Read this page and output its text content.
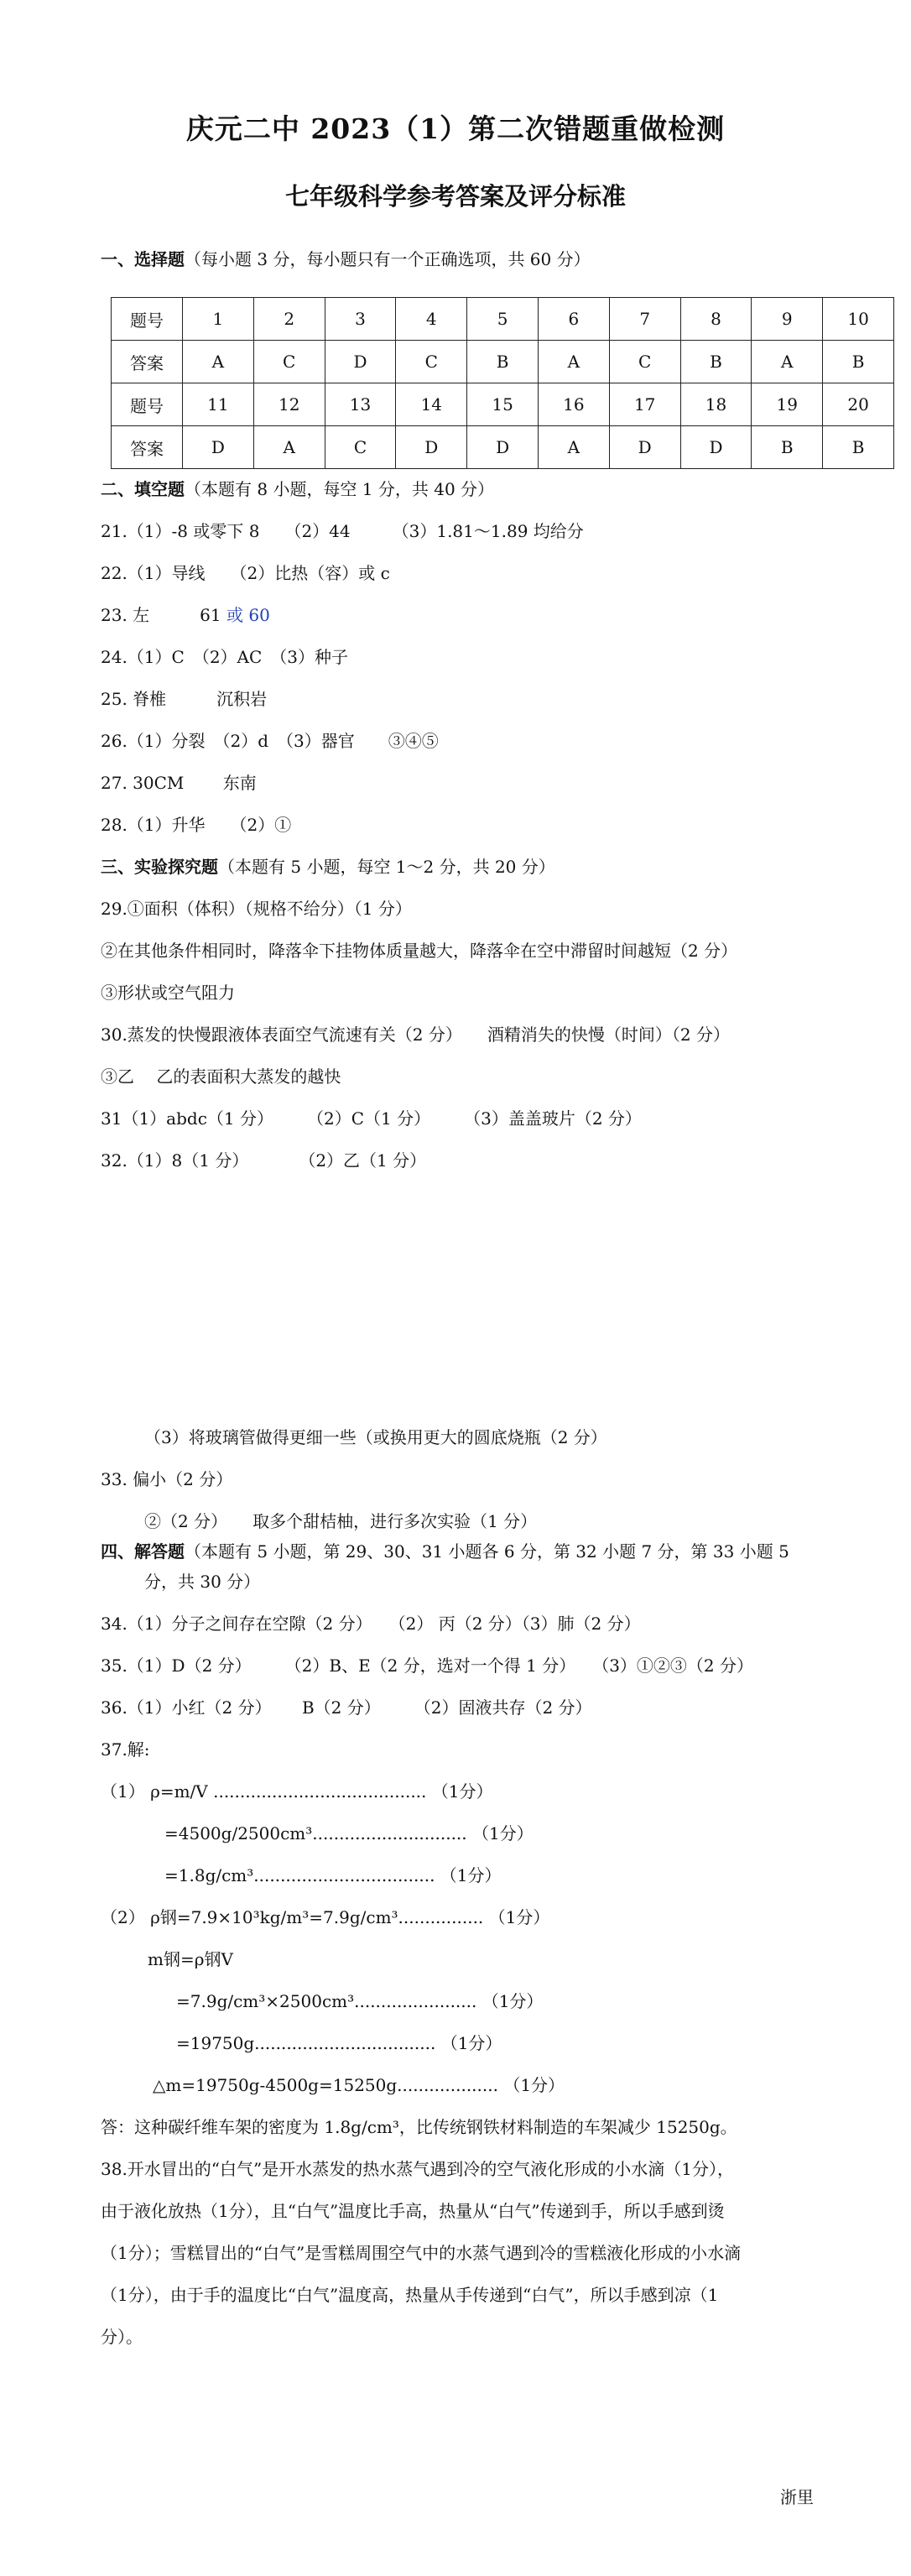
庆元二中 2023（1）第二次错题重做检测
七年级科学参考答案及评分标准
一、选择题（每小题 3 分，每小题只有一个正确选项，共 60 分）
题号	1	2	3	4	5	6	7	8	9	10
答案	A	C	D	C	B	A	C	B	A	B
题号	11	12	13	14	15	16	17	18	19	20
答案	D	A	C	D	D	A	D	D	B	B
二、填空题（本题有 8 小题，每空 1 分，共 40 分）
21.（1）-8 或零下 8　　（2）44　　　（3）1.81～1.89 均给分
22.（1）导线　　（2）比热（容）或 c
23. 左　　　61 或 60
24.（1）C　（2）AC　（3）种子
25. 脊椎　　　沉积岩
26.（1）分裂　（2）d　（3）器官　　③④⑤
27. 30CM　　 东南
28.（1）升华　　（2）①
三、实验探究题（本题有 5 小题，每空 1～2 分，共 20 分）
29.①面积（体积）（规格不给分）（1 分）
②在其他条件相同时，降落伞下挂物体质量越大，降落伞在空中滞留时间越短（2 分）
③形状或空气阻力
30.蒸发的快慢跟液体表面空气流速有关（2 分）　　酒精消失的快慢（时间）（2 分）
③乙　 乙的表面积大蒸发的越快
31（1）abdc（1 分）　　　（2）C（1 分）　　　（3）盖盖玻片（2 分）
32.（1）8（1 分）　　　　（2）乙（1 分）
（3）将玻璃管做得更细一些（或换用更大的圆底烧瓶（2 分）
33. 偏小（2 分）
②（2 分）　　取多个甜桔柚，进行多次实验（1 分）
四、解答题（本题有 5 小题，第 29、30、31 小题各 6 分，第 32 小题 7 分，第 33 小题 5
分，共 30 分）
34.（1）分子之间存在空隙（2 分）　　（2） 丙（2 分）（3）肺（2 分）
35.（1）D（2 分）　　　（2）B、E（2 分，选对一个得 1 分）　　（3）①②③（2 分）
36.（1）小红（2 分）　　 B（2 分）　　　（2）固液共存（2 分）
37.解:
（1） ρ=m/V ........................................ （1分）
=4500g/2500cm³............................. （1分）
=1.8g/cm³.................................. （1分）
（2） ρ钢=7.9×10³kg/m³=7.9g/cm³................ （1分）
m钢=ρ钢V
=7.9g/cm³×2500cm³....................... （1分）
=19750g.................................. （1分）
△m=19750g-4500g=15250g................... （1分）
答：这种碳纤维车架的密度为 1.8g/cm³，比传统钢铁材料制造的车架减少 15250g。
38.开水冒出的“白气”是开水蒸发的热水蒸气遇到冷的空气液化形成的小水滴（1分），
由于液化放热（1分），且“白气”温度比手高，热量从“白气”传递到手，所以手感到烫
（1分）；雪糕冒出的“白气”是雪糕周围空气中的水蒸气遇到冷的雪糕液化形成的小水滴
（1分），由于手的温度比“白气”温度高，热量从手传递到“白气”，所以手感到凉（1
分）。
浙里
